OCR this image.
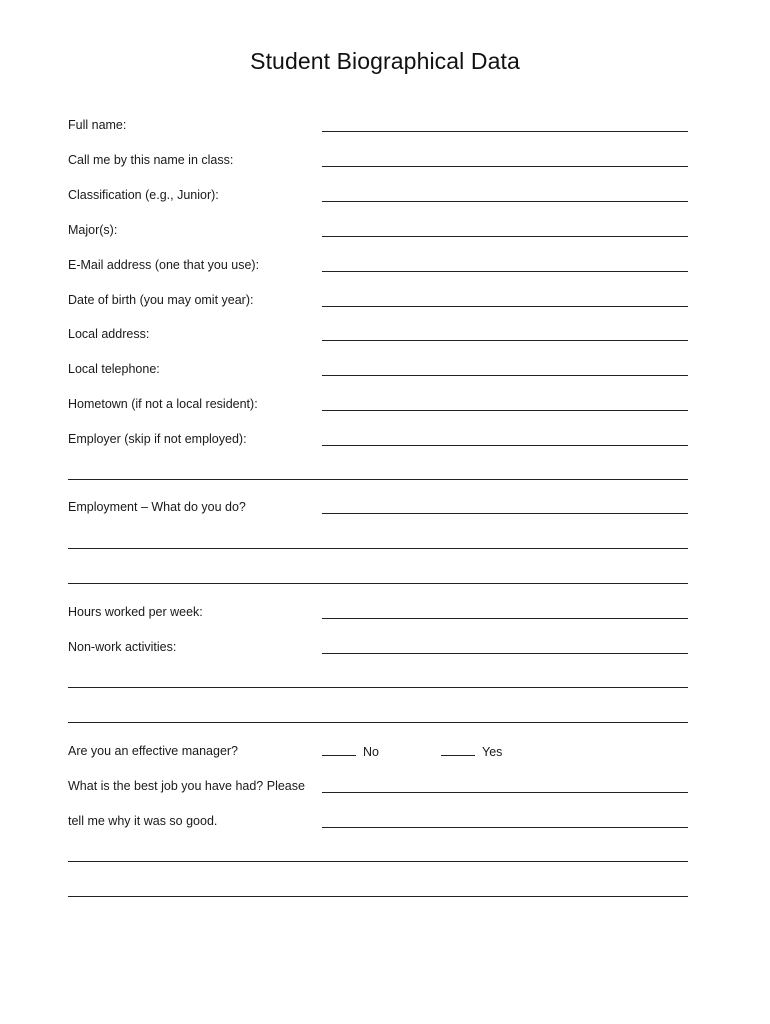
Student Biographical Data
Full name:
Call me by this name in class:
Classification (e.g., Junior):
Major(s):
E-Mail address (one that you use):
Date of birth (you may omit year):
Local address:
Local telephone:
Hometown (if not a local resident):
Employer (skip if not employed):
Employment – What do you do?
Hours worked per week:
Non-work activities:
Are you an effective manager?	No	Yes
What is the best job you have had? Please
tell me why it was so good.
